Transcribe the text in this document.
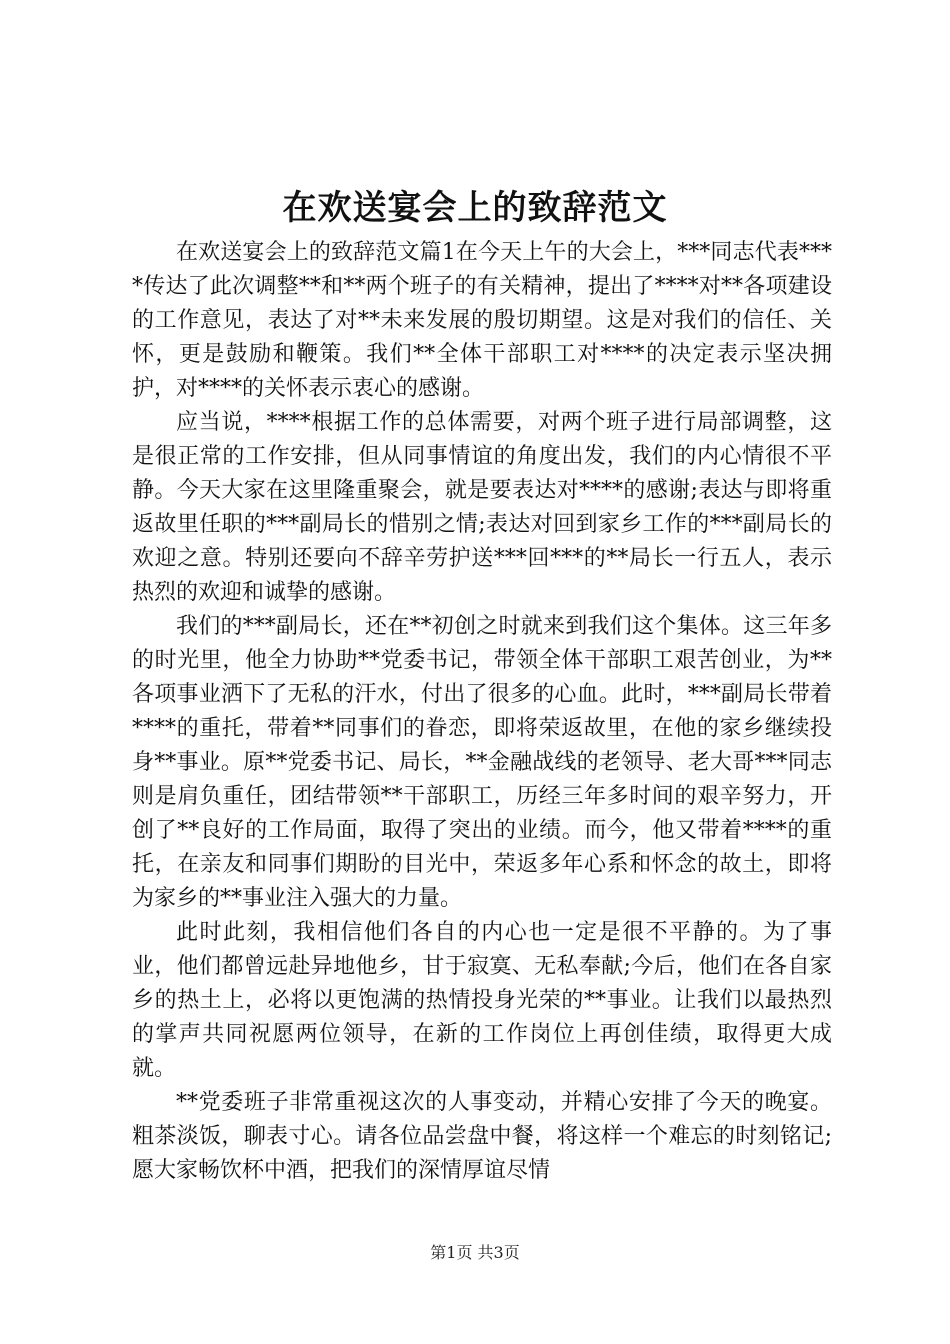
在欢送宴会上的致辞范文

在欢送宴会上的致辞范文篇1在今天上午的大会上，***同志代表****传达了此次调整**和**两个班子的有关精神，提出了****对**各项建设的工作意见，表达了对**未来发展的殷切期望。这是对我们的信任、关怀，更是鼓励和鞭策。我们**全体干部职工对****的决定表示坚决拥护，对****的关怀表示衷心的感谢。

应当说，****根据工作的总体需要，对两个班子进行局部调整，这是很正常的工作安排，但从同事情谊的角度出发，我们的内心情很不平静。今天大家在这里隆重聚会，就是要表达对****的感谢;表达与即将重返故里任职的***副局长的惜别之情;表达对回到家乡工作的***副局长的欢迎之意。特别还要向不辞辛劳护送***回***的**局长一行五人，表示热烈的欢迎和诚挚的感谢。

我们的***副局长，还在**初创之时就来到我们这个集体。这三年多的时光里，他全力协助**党委书记，带领全体干部职工艰苦创业，为**各项事业洒下了无私的汗水，付出了很多的心血。此时，***副局长带着****的重托，带着**同事们的眷恋，即将荣返故里，在他的家乡继续投身**事业。原**党委书记、局长，**金融战线的老领导、老大哥***同志则是肩负重任，团结带领**干部职工，历经三年多时间的艰辛努力，开创了**良好的工作局面，取得了突出的业绩。而今，他又带着****的重托，在亲友和同事们期盼的目光中，荣返多年心系和怀念的故土，即将为家乡的**事业注入强大的力量。

此时此刻，我相信他们各自的内心也一定是很不平静的。为了事业，他们都曾远赴异地他乡，甘于寂寞、无私奉献;今后，他们在各自家乡的热土上，必将以更饱满的热情投身光荣的**事业。让我们以最热烈的掌声共同祝愿两位领导，在新的工作岗位上再创佳绩，取得更大成就。

**党委班子非常重视这次的人事变动，并精心安排了今天的晚宴。粗茶淡饭，聊表寸心。请各位品尝盘中餐，将这样一个难忘的时刻铭记;愿大家畅饮杯中酒，把我们的深情厚谊尽情

第1页 共3页
